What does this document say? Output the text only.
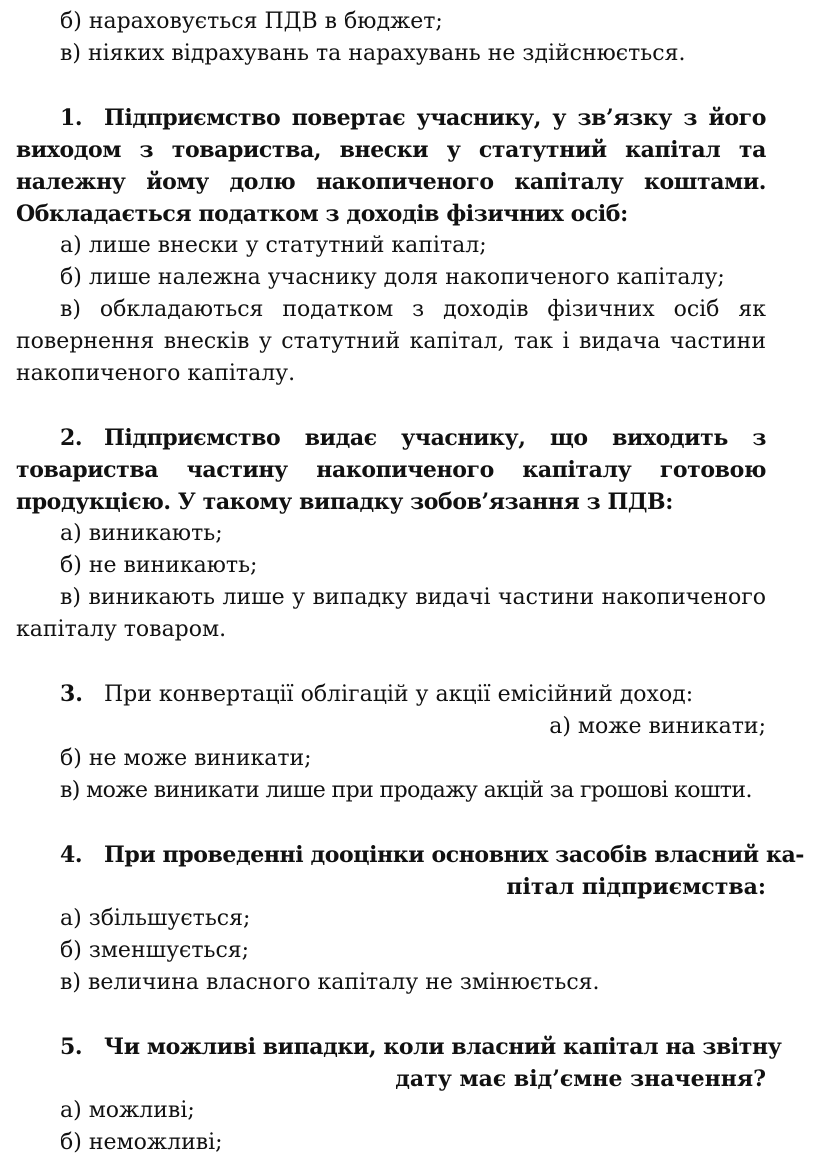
б) нараховується ПДВ в бюджет;

в) ніяких відрахувань та нарахувань не здійснюється.

1. Підприємство повертає учаснику, у зв’язку з його виходом з товариства, внески у статутний капітал та належну йому долю накопиченого капіталу коштами. Обкладається податком з доходів фізичних осіб:

а) лише внески у статутний капітал;

б) лише належна учаснику доля накопиченого капіталу;

в) обкладаються податком з доходів фізичних осіб як повернення внесків у статутний капітал, так і видача частини накопиченого капіталу.

2. Підприємство видає учаснику, що виходить з товариства частину накопиченого капіталу готовою продукцією. У такому випадку зобов’язання з ПДВ:

а) виникають;

б) не виникають;

в) виникають лише у випадку видачі частини накопиченого капіталу товаром.

3. При конвертації облігацій у акції емісійний доход:

а) може виникати;

б) не може виникати;

в) може виникати лише при продажу акцій за грошові кошти.

4. При проведенні дооцінки основних засобів власний ка-

пітал підприємства:

а) збільшується;

б) зменшується;

в) величина власного капіталу не змінюється.

5. Чи можливі випадки, коли власний капітал на звітну

дату має від’ємне значення?

а) можливі;

б) неможливі;
